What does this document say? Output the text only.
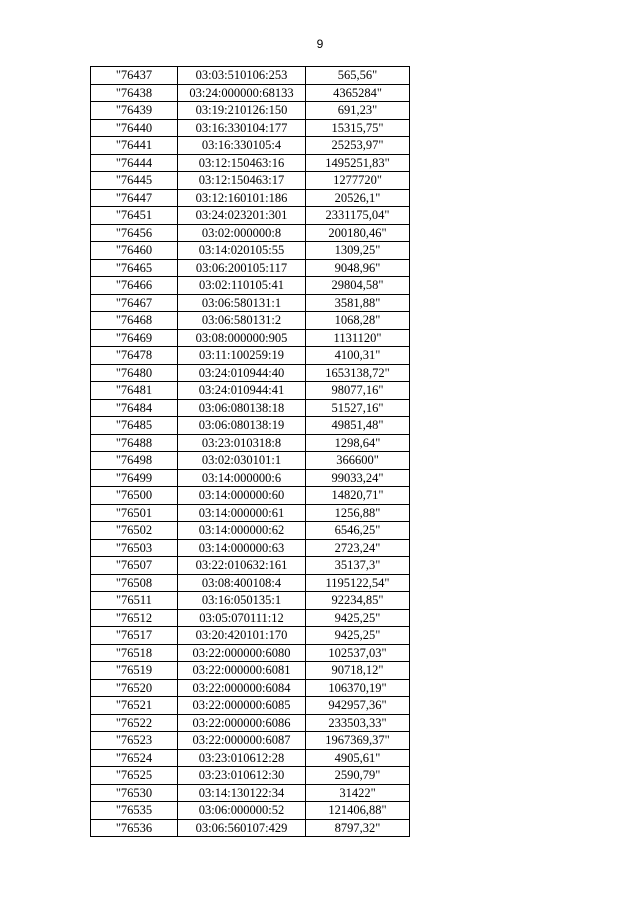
9
"76437	03:03:510106:253	565,56"
"76438	03:24:000000:68133	4365284"
"76439	03:19:210126:150	691,23"
"76440	03:16:330104:177	15315,75"
"76441	03:16:330105:4	25253,97"
"76444	03:12:150463:16	1495251,83"
"76445	03:12:150463:17	1277720"
"76447	03:12:160101:186	20526,1"
"76451	03:24:023201:301	2331175,04"
"76456	03:02:000000:8	200180,46"
"76460	03:14:020105:55	1309,25"
"76465	03:06:200105:117	9048,96"
"76466	03:02:110105:41	29804,58"
"76467	03:06:580131:1	3581,88"
"76468	03:06:580131:2	1068,28"
"76469	03:08:000000:905	1131120"
"76478	03:11:100259:19	4100,31"
"76480	03:24:010944:40	1653138,72"
"76481	03:24:010944:41	98077,16"
"76484	03:06:080138:18	51527,16"
"76485	03:06:080138:19	49851,48"
"76488	03:23:010318:8	1298,64"
"76498	03:02:030101:1	366600"
"76499	03:14:000000:6	99033,24"
"76500	03:14:000000:60	14820,71"
"76501	03:14:000000:61	1256,88"
"76502	03:14:000000:62	6546,25"
"76503	03:14:000000:63	2723,24"
"76507	03:22:010632:161	35137,3"
"76508	03:08:400108:4	1195122,54"
"76511	03:16:050135:1	92234,85"
"76512	03:05:070111:12	9425,25"
"76517	03:20:420101:170	9425,25"
"76518	03:22:000000:6080	102537,03"
"76519	03:22:000000:6081	90718,12"
"76520	03:22:000000:6084	106370,19"
"76521	03:22:000000:6085	942957,36"
"76522	03:22:000000:6086	233503,33"
"76523	03:22:000000:6087	1967369,37"
"76524	03:23:010612:28	4905,61"
"76525	03:23:010612:30	2590,79"
"76530	03:14:130122:34	31422"
"76535	03:06:000000:52	121406,88"
"76536	03:06:560107:429	8797,32"
